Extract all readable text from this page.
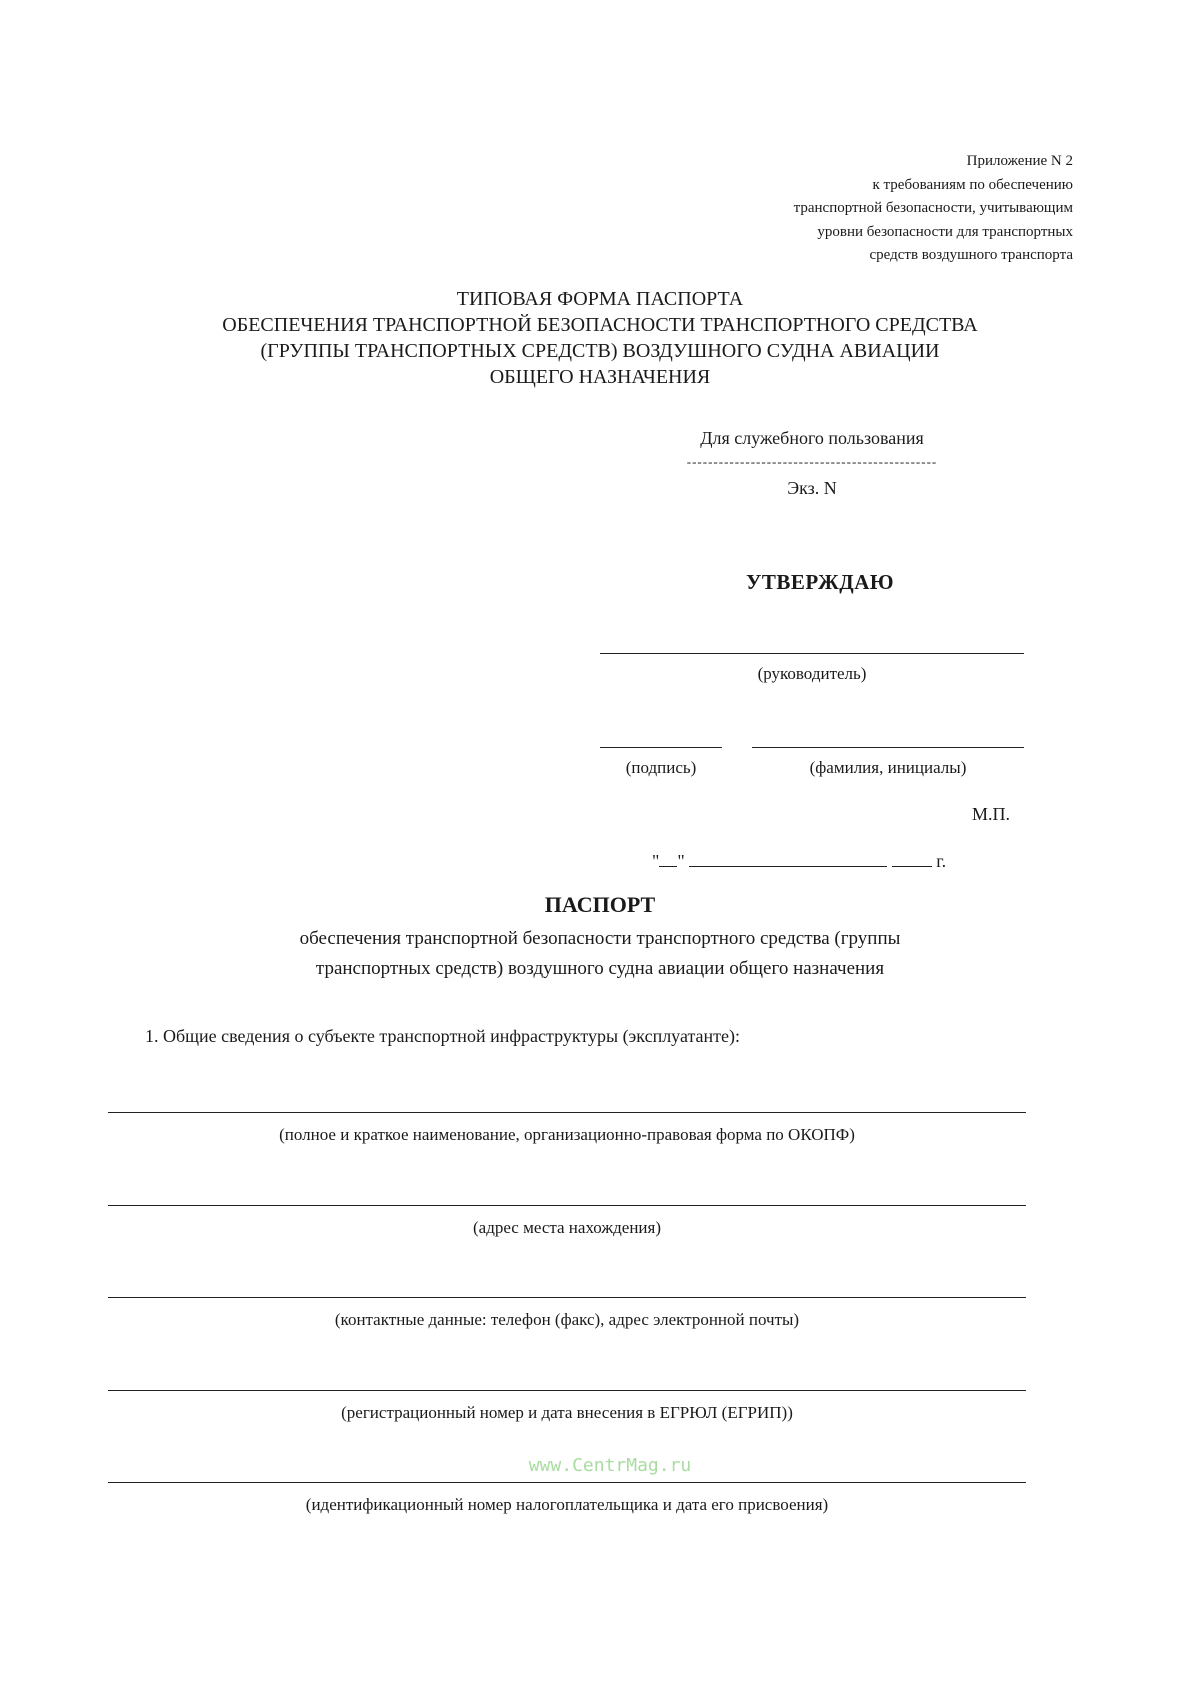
Приложение N 2
к требованиям по обеспечению
транспортной безопасности, учитывающим
уровни безопасности для транспортных
средств воздушного транспорта
ТИПОВАЯ ФОРМА ПАСПОРТА
ОБЕСПЕЧЕНИЯ ТРАНСПОРТНОЙ БЕЗОПАСНОСТИ ТРАНСПОРТНОГО СРЕДСТВА
(ГРУППЫ ТРАНСПОРТНЫХ СРЕДСТВ) ВОЗДУШНОГО СУДНА АВИАЦИИ
ОБЩЕГО НАЗНАЧЕНИЯ
Для служебного пользования
-----------------------------------------------
Экз. N
УТВЕРЖДАЮ
(руководитель)
(подпись)	(фамилия, инициалы)
М.П.
" "	г.
ПАСПОРТ
обеспечения транспортной безопасности транспортного средства (группы
транспортных средств) воздушного судна авиации общего назначения
1. Общие сведения о субъекте транспортной инфраструктуры (эксплуатанте):
(полное и краткое наименование, организационно-правовая форма по ОКОПФ)
(адрес места нахождения)
(контактные данные: телефон (факс), адрес электронной почты)
(регистрационный номер и дата внесения в ЕГРЮЛ (ЕГРИП))
www.CentrMag.ru
(идентификационный номер налогоплательщика и дата его присвоения)
